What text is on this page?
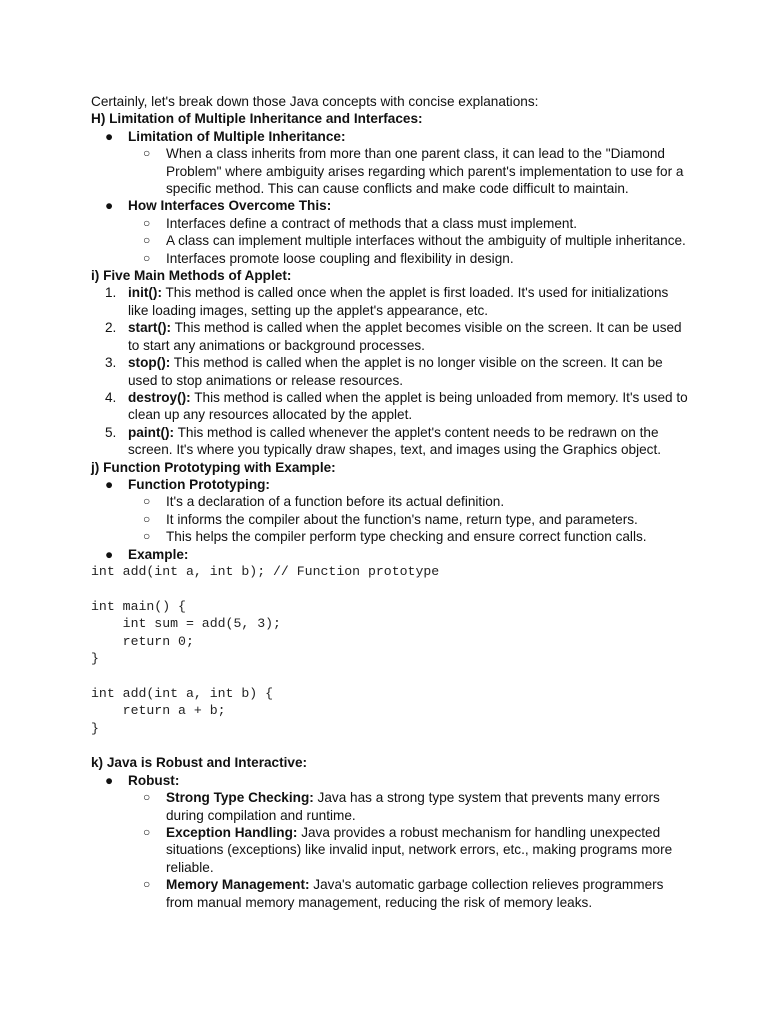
Certainly, let's break down those Java concepts with concise explanations:

H) Limitation of Multiple Inheritance and Interfaces:

● Limitation of Multiple Inheritance:
○ When a class inherits from more than one parent class, it can lead to the "Diamond Problem" where ambiguity arises regarding which parent's implementation to use for a specific method. This can cause conflicts and make code difficult to maintain.
● How Interfaces Overcome This:
○ Interfaces define a contract of methods that a class must implement.
○ A class can implement multiple interfaces without the ambiguity of multiple inheritance.
○ Interfaces promote loose coupling and flexibility in design.

i) Five Main Methods of Applet:

1. init(): This method is called once when the applet is first loaded. It's used for initializations like loading images, setting up the applet's appearance, etc.
2. start(): This method is called when the applet becomes visible on the screen. It can be used to start any animations or background processes.
3. stop(): This method is called when the applet is no longer visible on the screen. It can be used to stop animations or release resources.
4. destroy(): This method is called when the applet is being unloaded from memory. It's used to clean up any resources allocated by the applet.
5. paint(): This method is called whenever the applet's content needs to be redrawn on the screen. It's where you typically draw shapes, text, and images using the Graphics object.

j) Function Prototyping with Example:

● Function Prototyping:
○ It's a declaration of a function before its actual definition.
○ It informs the compiler about the function's name, return type, and parameters.
○ This helps the compiler perform type checking and ensure correct function calls.
● Example:
int add(int a, int b); // Function prototype
int main() {
int sum = add(5, 3);
return 0;
}
int add(int a, int b) {
return a + b;
}

k) Java is Robust and Interactive:

● Robust:
○ Strong Type Checking: Java has a strong type system that prevents many errors during compilation and runtime.
○ Exception Handling: Java provides a robust mechanism for handling unexpected situations (exceptions) like invalid input, network errors, etc., making programs more reliable.
○ Memory Management: Java's automatic garbage collection relieves programmers from manual memory management, reducing the risk of memory leaks.
